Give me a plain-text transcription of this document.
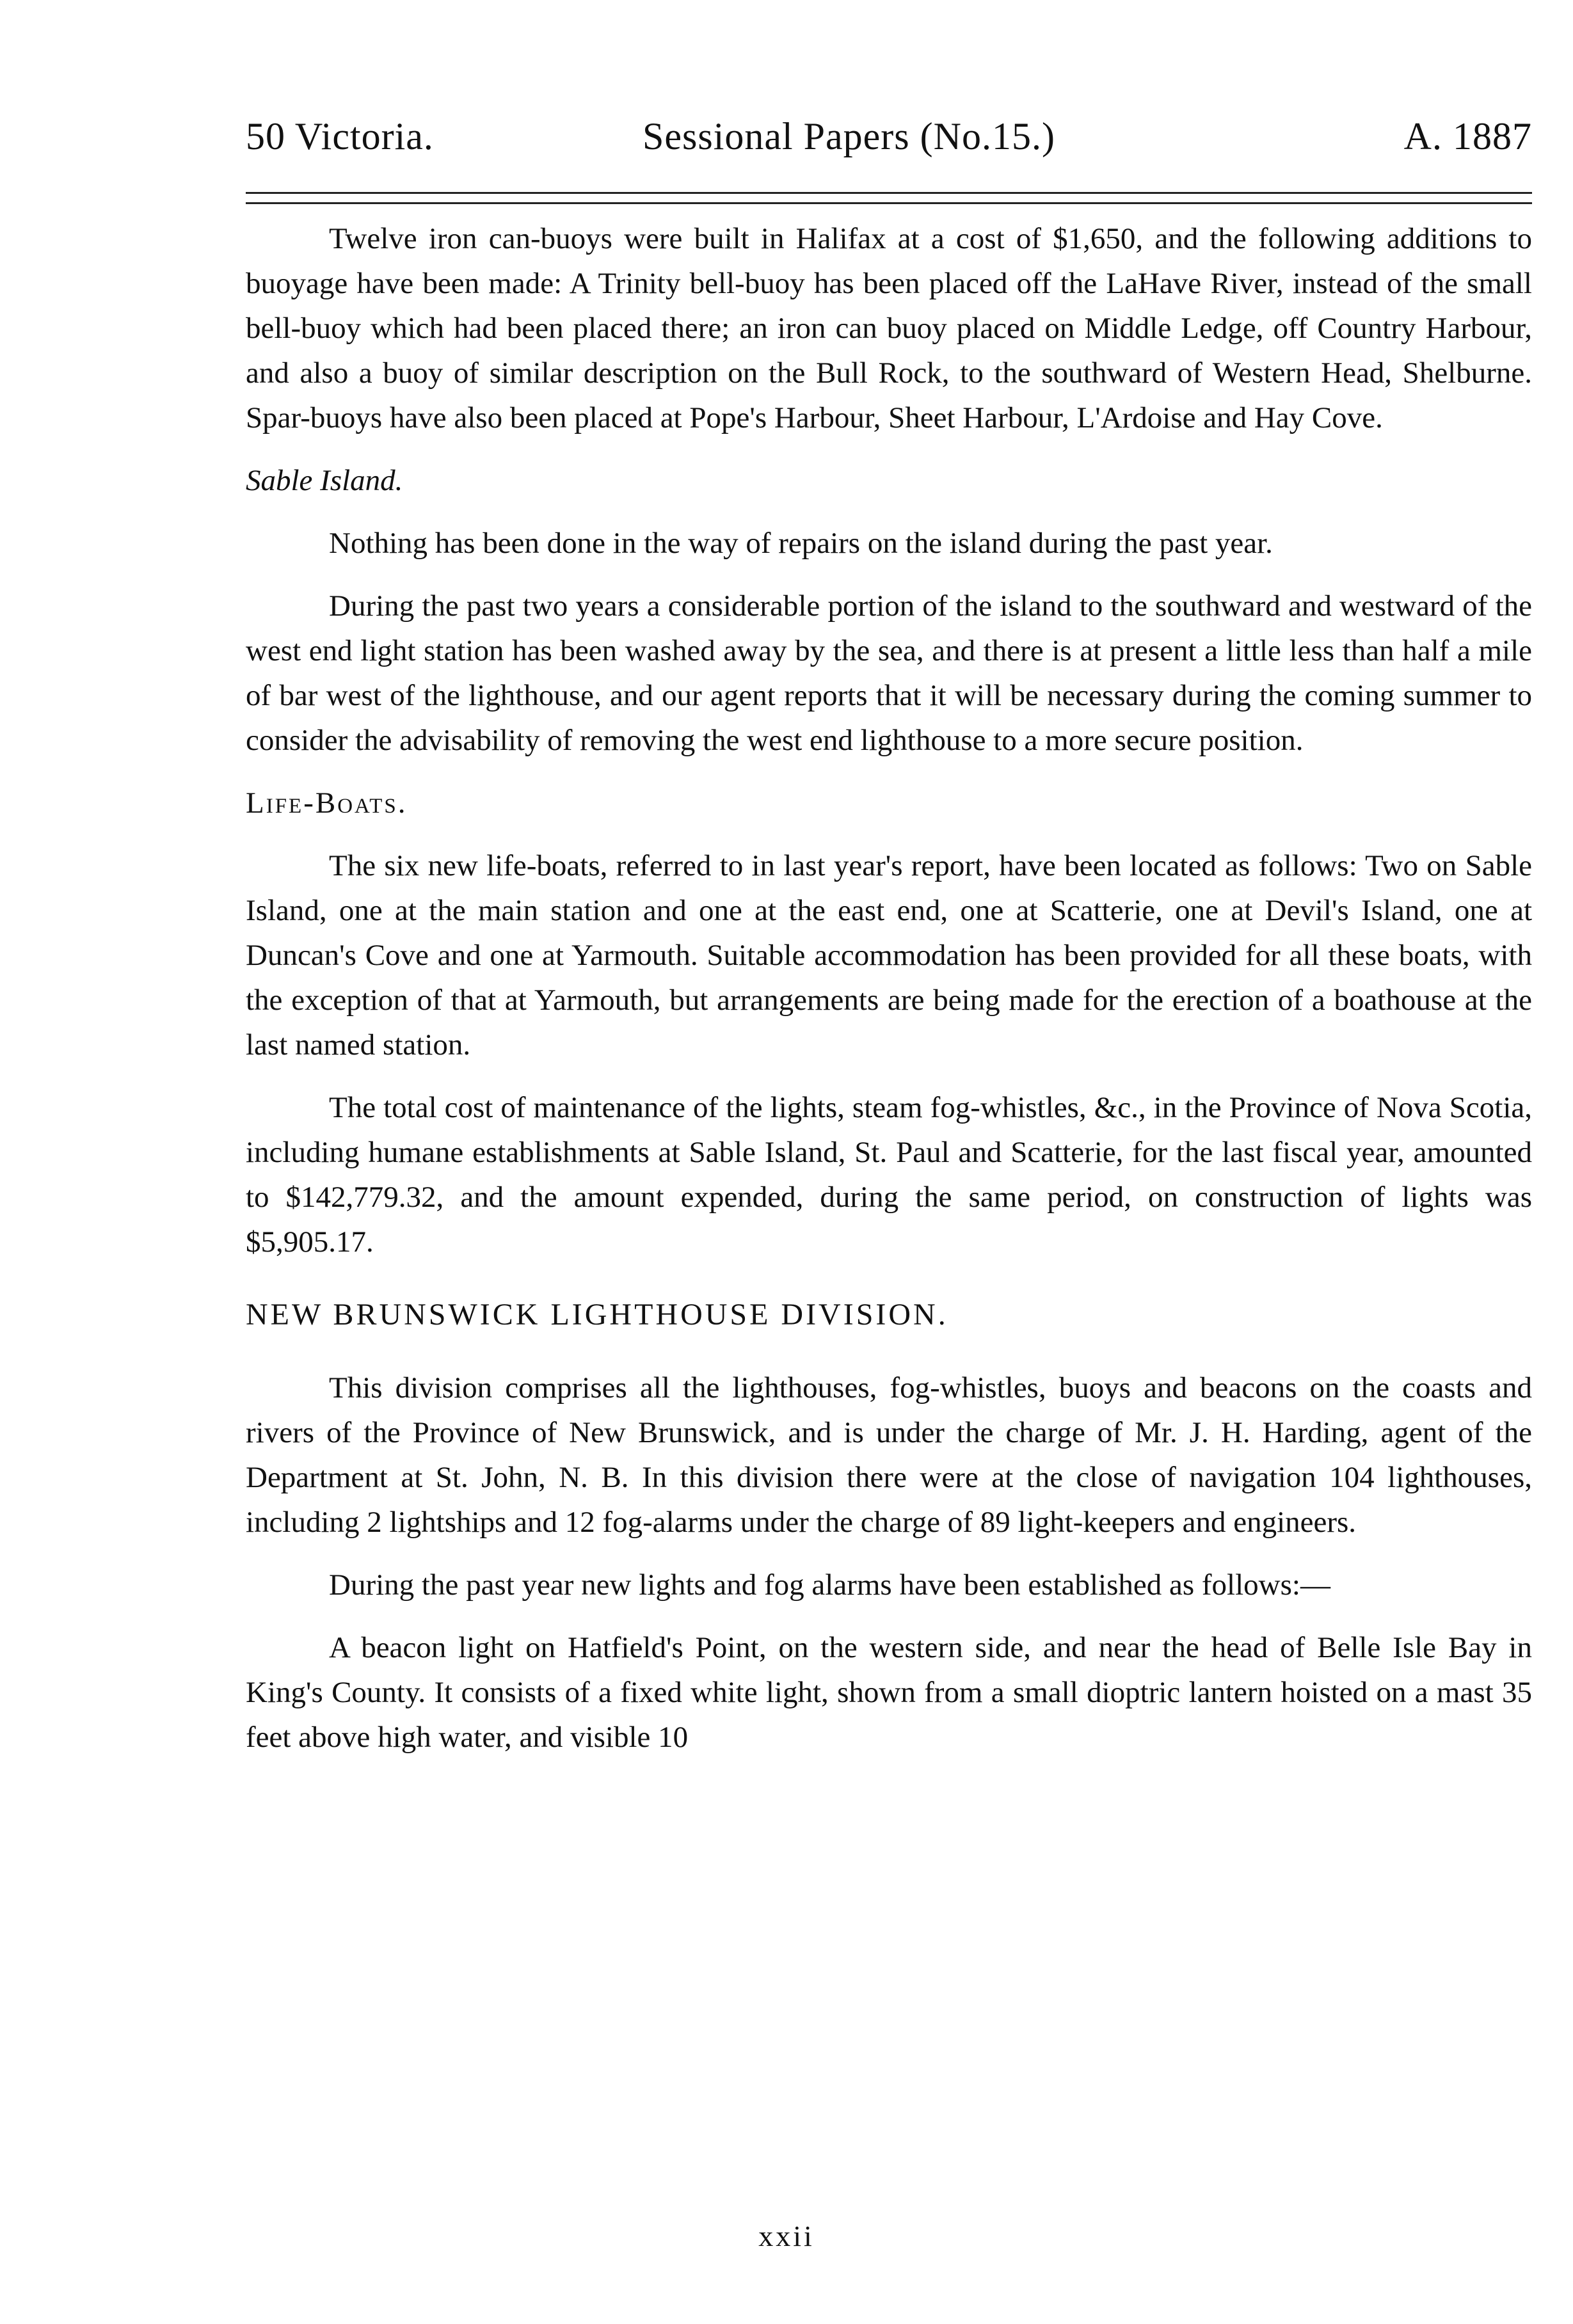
50 Victoria.	Sessional Papers (No.15.)	A. 1887

Twelve iron can-buoys were built in Halifax at a cost of $1,650, and the following additions to buoyage have been made: A Trinity bell-buoy has been placed off the LaHave River, instead of the small bell-buoy which had been placed there; an iron can buoy placed on Middle Ledge, off Country Harbour, and also a buoy of similar description on the Bull Rock, to the southward of Western Head, Shelburne. Spar-buoys have also been placed at Pope's Harbour, Sheet Harbour, L'Ardoise and Hay Cove.

Sable Island.

Nothing has been done in the way of repairs on the island during the past year.

During the past two years a considerable portion of the island to the southward and westward of the west end light station has been washed away by the sea, and there is at present a little less than half a mile of bar west of the lighthouse, and our agent reports that it will be necessary during the coming summer to consider the advisability of removing the west end lighthouse to a more secure position.

Life-Boats.

The six new life-boats, referred to in last year's report, have been located as follows: Two on Sable Island, one at the main station and one at the east end, one at Scatterie, one at Devil's Island, one at Duncan's Cove and one at Yarmouth. Suitable accommodation has been provided for all these boats, with the exception of that at Yarmouth, but arrangements are being made for the erection of a boathouse at the last named station.

The total cost of maintenance of the lights, steam fog-whistles, &c., in the Province of Nova Scotia, including humane establishments at Sable Island, St. Paul and Scatterie, for the last fiscal year, amounted to $142,779.32, and the amount expended, during the same period, on construction of lights was $5,905.17.

NEW BRUNSWICK LIGHTHOUSE DIVISION.

This division comprises all the lighthouses, fog-whistles, buoys and beacons on the coasts and rivers of the Province of New Brunswick, and is under the charge of Mr. J. H. Harding, agent of the Department at St. John, N. B. In this division there were at the close of navigation 104 lighthouses, including 2 lightships and 12 fog-alarms under the charge of 89 light-keepers and engineers.

During the past year new lights and fog alarms have been established as follows:—

A beacon light on Hatfield's Point, on the western side, and near the head of Belle Isle Bay in King's County. It consists of a fixed white light, shown from a small dioptric lantern hoisted on a mast 35 feet above high water, and visible 10

xxii
